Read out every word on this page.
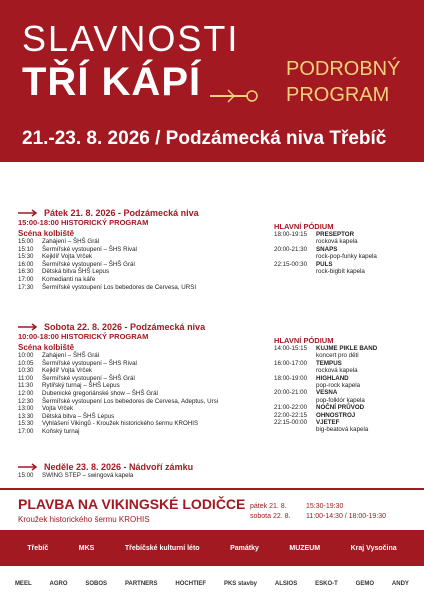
SLAVNOSTI
TŘÍ KÁPÍ	PODROBNÝ
PROGRAM
21.-23. 8. 2026 / Podzámecká niva Třebíč
Pátek 21. 8. 2026 - Podzámecká niva
15:00-18:00 HISTORICKÝ PROGRAM
Scéna kolbiště
15:00	Zahájení – ŠHŠ Grál
15:10	Šermířské vystoupení – ŠHS Rival
15:30	Kejklíř Vojta Vrček
16:00	Šermířské vystoupení – ŠHŠ Grál
16:30	Dětská bitva ŠHŠ Lepus
17:00	Komedianti na káře
17:30	Šermířské vystoupení Los bebedores de Cervesa, URSI
HLAVNÍ PÓDIUM
18:00-19:15	PRESEPTOR
rocková kapela
20:00-21:30	SNAPS
rock-pop-funky kapela
22:15-00:30	PULS
rock-bigbít kapela
Sobota 22. 8. 2026 - Podzámecká niva
10:00-18:00 HISTORICKÝ PROGRAM
Scéna kolbiště
10:00	Zahájení – ŠHŠ Grál
10:05	Šermířské vystoupení – ŠHS Rival
10:30	Kejklíř Vojta Vrček
11:00	Šermířské vystoupení – ŠHŠ Grál
11:30	Rytířský turnaj – ŠHŠ Lepus
12:00	Dubenické gregoriánské show – ŠHŠ Grál
12:30	Šermířské vystoupení Los bebedores de Cervesa, Adeptus, Ursi
13:00	Vojta Vrček
13:30	Dětská bitva – ŠHŠ Lepus
15:30	Vyhlášení Vikingů - Kroužek historického šermu KROHIS
17:00	Koňský turnaj
HLAVNÍ PÓDIUM
14:00-15:15	KUJME PIKLE BAND
koncert pro děti
16:00-17:00	TEMPUS
rocková kapela
18:00-19:00	HIGHLAND
pop-rock kapela
20:00-21:00	VESNA
pop-folklór kapela
21:00-22:00	NOČNÍ PRŮVOD
22:00-22:15	OHNOSTROJ
22:15-00:00	VJETEF
big-beatová kapela
Neděle 23. 8. 2026 - Nádvoří zámku
15:00	SWING STEP – swingová kapela
PLAVBA NA VIKINGSKÉ LODIČCE
Kroužek historického šermu KROHIS
pátek 21. 8.	15:30-19:30
sobota 22. 8. 11:00-14:30 / 18:00-19:30
Třebíč	MKS	Třebíčské kulturní léto	Památky	MUZEUM	Kraj Vysočina
MEEL	AGRO	SOBOS	PARTNERS	HOCHTIEF	PKS stavby	ALSIOS	ESKO-T	GEMO	ANDY
